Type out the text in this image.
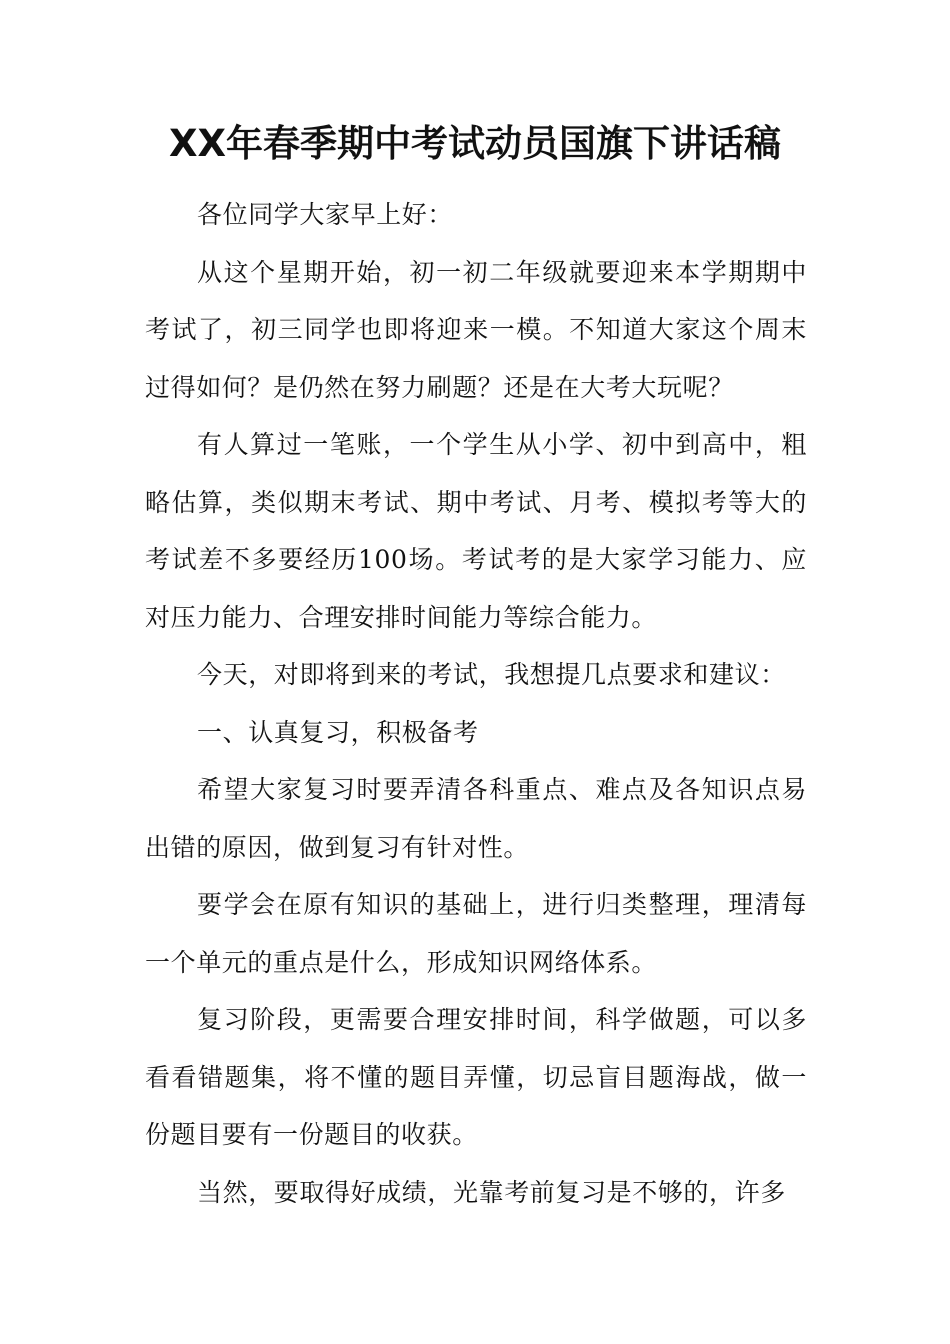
XX年春季期中考试动员国旗下讲话稿

各位同学大家早上好：

从这个星期开始，初一初二年级就要迎来本学期期中考试了，初三同学也即将迎来一模。不知道大家这个周末过得如何？是仍然在努力刷题？还是在大考大玩呢？

有人算过一笔账，一个学生从小学、初中到高中，粗略估算，类似期末考试、期中考试、月考、模拟考等大的考试差不多要经历100场。考试考的是大家学习能力、应对压力能力、合理安排时间能力等综合能力。

今天，对即将到来的考试，我想提几点要求和建议：

一、认真复习，积极备考

希望大家复习时要弄清各科重点、难点及各知识点易出错的原因，做到复习有针对性。

要学会在原有知识的基础上，进行归类整理，理清每一个单元的重点是什么，形成知识网络体系。

复习阶段，更需要合理安排时间，科学做题，可以多看看错题集，将不懂的题目弄懂，切忌盲目题海战，做一份题目要有一份题目的收获。

当然，要取得好成绩，光靠考前复习是不够的，许多
